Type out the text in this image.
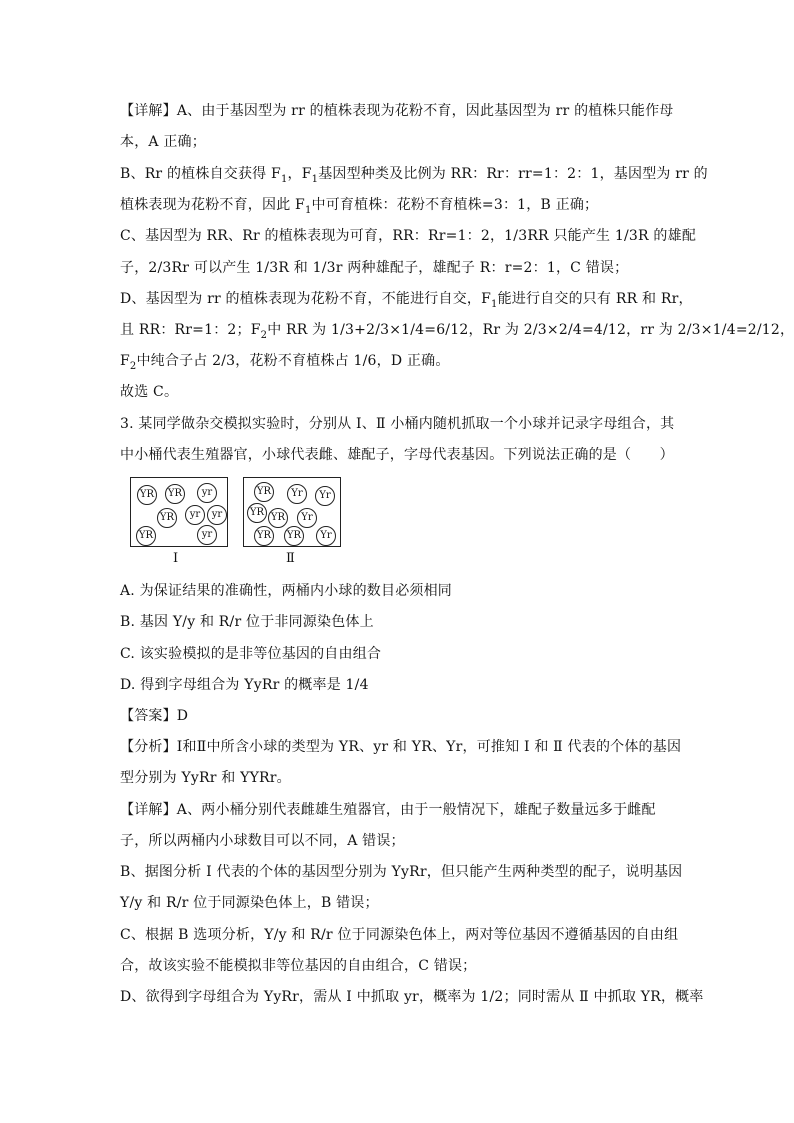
【详解】A、由于基因型为 rr 的植株表现为花粉不育，因此基因型为 rr 的植株只能作母
本，A 正确；
B、Rr 的植株自交获得 $F_1$，$F_1$基因型种类及比例为 RR：Rr：rr=1：2：1，基因型为 rr 的
植株表现为花粉不育，因此 $F_1$中可育植株：花粉不育植株=3：1，B 正确；
C、基因型为 RR、Rr 的植株表现为可育，RR：Rr=1：2，1/3RR 只能产生 1/3R 的雄配
子，2/3Rr 可以产生 1/3R 和 1/3r 两种雄配子，雄配子 R：r=2：1，C 错误；
D、基因型为 rr 的植株表现为花粉不育，不能进行自交，$F_1$能进行自交的只有 RR 和 Rr，
且 RR：Rr=1：2；$F_2$中 RR 为 1/3+2/3×1/4=6/12，Rr 为 2/3×2/4=4/12，rr 为 2/3×1/4=2/12，
$F_2$中纯合子占 2/3，花粉不育植株占 1/6，D 正确。
故选 C。
3. 某同学做杂交模拟实验时，分别从 Ⅰ、Ⅱ 小桶内随机抓取一个小球并记录字母组合，其
中小桶代表生殖器官，小球代表雌、雄配子，字母代表基因。下列说法正确的是（　　）
YR YR	yr
yr
YR	yr
yr
YR
YR	Yr	Yr
YR YR	Yr
YR YR	Yr
Ⅰ	Ⅱ
A. 为保证结果的准确性，两桶内小球的数目必须相同
B. 基因 Y/y 和 R/r 位于非同源染色体上
C. 该实验模拟的是非等位基因的自由组合
D. 得到字母组合为 YyRr 的概率是 1/4
【答案】D
【分析】Ⅰ和Ⅱ中所含小球的类型为 YR、yr 和 YR、Yr，可推知 Ⅰ 和 Ⅱ 代表的个体的基因
型分别为 YyRr 和 YYRr。
【详解】A、两小桶分别代表雌雄生殖器官，由于一般情况下，雄配子数量远多于雌配
子，所以两桶内小球数目可以不同，A 错误；
B、据图分析 Ⅰ 代表的个体的基因型分别为 YyRr，但只能产生两种类型的配子，说明基因
Y/y 和 R/r 位于同源染色体上，B 错误；
C、根据 B 选项分析，Y/y 和 R/r 位于同源染色体上，两对等位基因不遵循基因的自由组
合，故该实验不能模拟非等位基因的自由组合，C 错误；
D、欲得到字母组合为 YyRr，需从 Ⅰ 中抓取 yr，概率为 1/2；同时需从 Ⅱ 中抓取 YR，概率
